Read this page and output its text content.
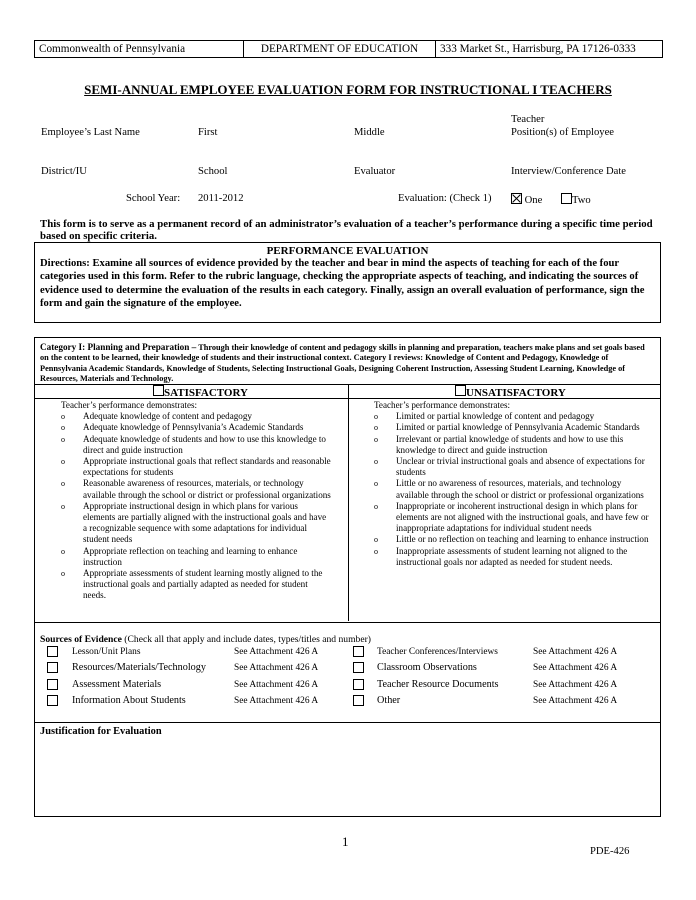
Commonwealth of Pennsylvania	DEPARTMENT OF EDUCATION	333 Market St., Harrisburg, PA 17126-0333
SEMI-ANNUAL EMPLOYEE EVALUATION FORM FOR INSTRUCTIONAL I TEACHERS
Employee’s Last Name	First	Middle
Teacher
Position(s) of Employee
District/IU	School	Evaluator	Interview/Conference Date
School Year: 2011-2012	Evaluation: (Check 1)	One	Two
This form is to serve as a permanent record of an administrator’s evaluation of a teacher’s performance during a specific time period based on specific criteria.
PERFORMANCE EVALUATION
Directions: Examine all sources of evidence provided by the teacher and bear in mind the aspects of teaching for each of the four categories used in this form. Refer to the rubric language, checking the appropriate aspects of teaching, and indicating the sources of evidence used to determine the evaluation of the results in each category. Finally, assign an overall evaluation of performance, sign the form and gain the signature of the employee.
Category I: Planning and Preparation – Through their knowledge of content and pedagogy skills in planning and preparation, teachers make plans and set goals based on the content to be learned, their knowledge of students and their instructional context. Category I reviews: Knowledge of Content and Pedagogy, Knowledge of Pennsylvania Academic Standards, Knowledge of Students, Selecting Instructional Goals, Designing Coherent Instruction, Assessing Student Learning, Knowledge of Resources, Materials and Technology.
SATISFACTORY	UNSATISFACTORY
Teacher’s performance demonstrates:
o Adequate knowledge of content and pedagogy
o Adequate knowledge of Pennsylvania’s Academic Standards
o Adequate knowledge of students and how to use this knowledge to direct and guide instruction
o Appropriate instructional goals that reflect standards and reasonable expectations for students
o Reasonable awareness of resources, materials, or technology available through the school or district or professional organizations
o Appropriate instructional design in which plans for various elements are partially aligned with the instructional goals and have a recognizable sequence with some adaptations for individual student needs
o Appropriate reflection on teaching and learning to enhance instruction
o Appropriate assessments of student learning mostly aligned to the instructional goals and partially adapted as needed for student needs.
Teacher’s performance demonstrates:
o Limited or partial knowledge of content and pedagogy
o Limited or partial knowledge of Pennsylvania Academic Standards
o Irrelevant or partial knowledge of students and how to use this knowledge to direct and guide instruction
o Unclear or trivial instructional goals and absence of expectations for students
o Little or no awareness of resources, materials, and technology available through the school or district or professional organizations
o Inappropriate or incoherent instructional design in which plans for elements are not aligned with the instructional goals, and have few or inappropriate adaptations for individual student needs
o Little or no reflection on teaching and learning to enhance instruction
o Inappropriate assessments of student learning not aligned to the instructional goals nor adapted as needed for student needs.
Sources of Evidence (Check all that apply and include dates, types/titles and number)
Lesson/Unit Plans	See Attachment 426 A	Teacher Conferences/Interviews	See Attachment 426 A
Resources/Materials/Technology	See Attachment 426 A	Classroom Observations	See Attachment 426 A
Assessment Materials	See Attachment 426 A	Teacher Resource Documents	See Attachment 426 A
Information About Students	See Attachment 426 A	Other	See Attachment 426 A
Justification for Evaluation
1
PDE-426
